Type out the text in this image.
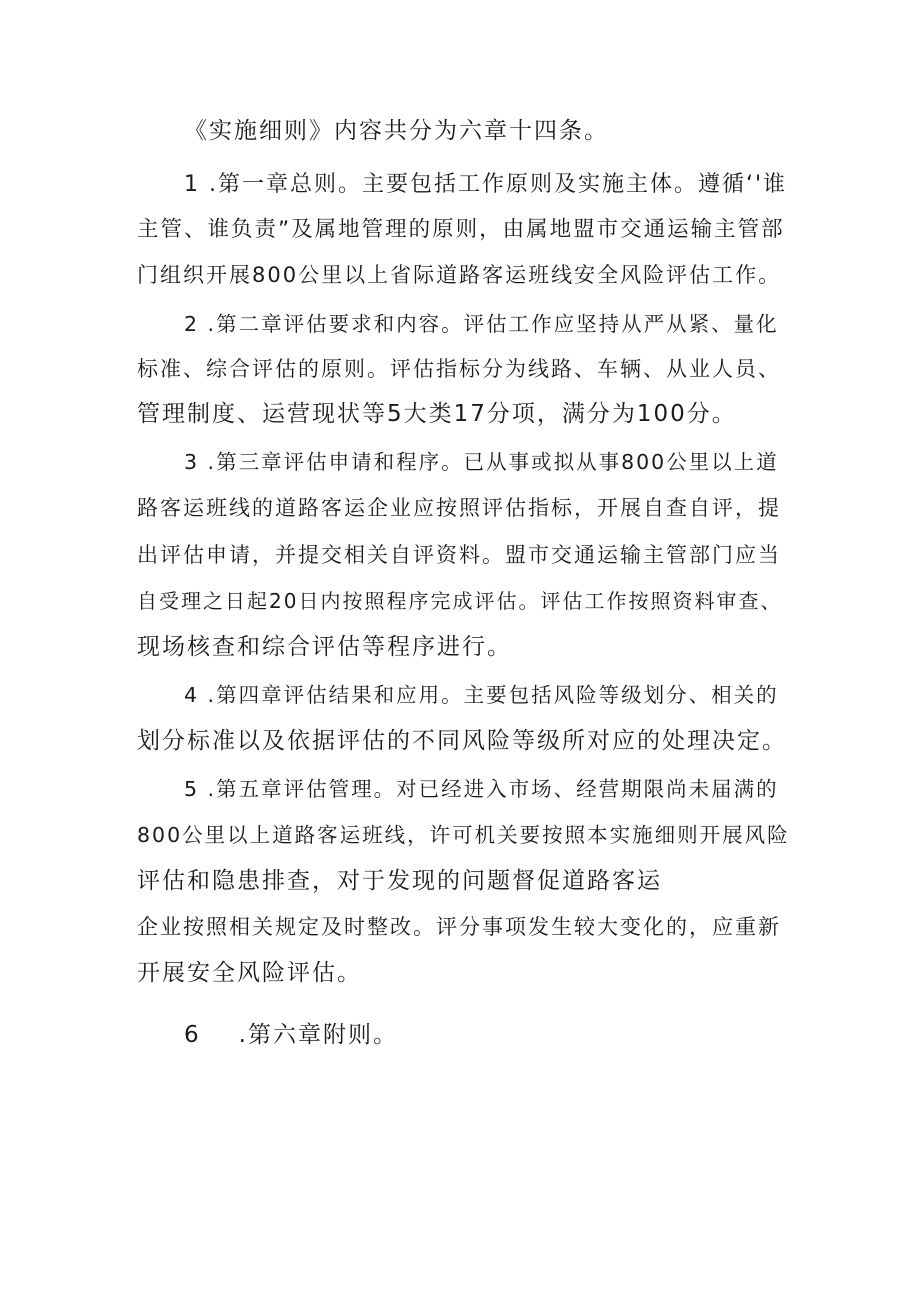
《实施细则》内容共分为六章十四条。
1 .第一章总则。主要包括工作原则及实施主体。遵循‘'谁
主管、谁负责”及属地管理的原则，由属地盟市交通运输主管部
门组织开展800公里以上省际道路客运班线安全风险评估工作。
2 .第二章评估要求和内容。评估工作应坚持从严从紧、量化
标准、综合评估的原则。评估指标分为线路、车辆、从业人员、
管理制度、运营现状等5大类17分项，满分为100分。
3 .第三章评估申请和程序。已从事或拟从事800公里以上道
路客运班线的道路客运企业应按照评估指标，开展自查自评，提
出评估申请，并提交相关自评资料。盟市交通运输主管部门应当
自受理之日起20日内按照程序完成评估。评估工作按照资料审查、
现场核查和综合评估等程序进行。
4 .第四章评估结果和应用。主要包括风险等级划分、相关的
划分标准以及依据评估的不同风险等级所对应的处理决定。
5 .第五章评估管理。对已经进入市场、经营期限尚未届满的
800公里以上道路客运班线，许可机关要按照本实施细则开展风险
评估和隐患排查，对于发现的问题督促道路客运
企业按照相关规定及时整改。评分事项发生较大变化的，应重新
开展安全风险评估。
6 .第六章附则。
